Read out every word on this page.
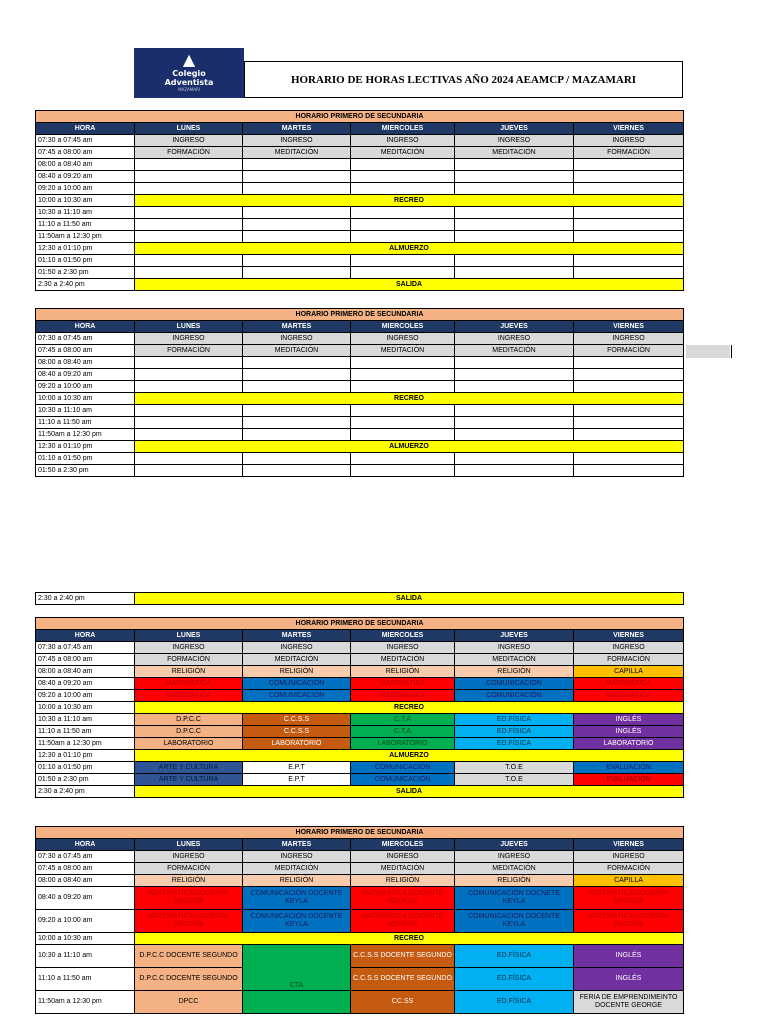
▲
Colegio
Adventista
MAZAMARI
HORARIO DE HORAS LECTIVAS AÑO 2024 AEAMCP / MAZAMARI
HORARIO PRIMERO DE SECUNDARIA					
HORA	LUNES	MARTES	MIERCOLES	JUEVES	VIERNES
07:30 a 07:45 am	INGRESO	INGRESO	INGRESO	INGRESO	INGRESO
07:45 a 08:00 am	FORMACIÓN	MEDITACIÓN	MEDITACIÓN	MEDITACIÓN	FORMACIÓN
08:00 a 08:40 am					
08:40 a 09:20 am					
09:20 a 10:00 am					
10:00 a 10:30 am	RECREO				
10:30 a 11:10 am					
11:10 a 11:50 am					
11:50am a 12:30 pm					
12:30 a 01:10 pm	ALMUERZO				
01:10 a 01:50 pm					
01:50 a 2:30 pm					
2:30 a 2:40 pm	SALIDA				
HORARIO PRIMERO DE SECUNDARIA					
HORA	LUNES	MARTES	MIERCOLES	JUEVES	VIERNES
07:30 a 07:45 am	INGRESO	INGRESO	INGRESO	INGRESO	INGRESO
07:45 a 08:00 am	FORMACIÓN	MEDITACIÓN	MEDITACIÓN	MEDITACIÓN	FORMACIÓN
08:00 a 08:40 am					
08:40 a 09:20 am					
09:20 a 10:00 am					
10:00 a 10:30 am	RECREO				
10:30 a 11:10 am					
11:10 a 11:50 am					
11:50am a 12:30 pm					
12:30 a 01:10 pm	ALMUERZO				
01:10 a 01:50 pm					
01:50 a 2:30 pm					
2:30 a 2:40 pm	SALIDA
HORARIO PRIMERO DE SECUNDARIA					
HORA	LUNES	MARTES	MIERCOLES	JUEVES	VIERNES
07:30 a 07:45 am	INGRESO	INGRESO	INGRESO	INGRESO	INGRESO
07:45 a 08:00 am	FORMACIÓN	MEDITACIÓN	MEDITACIÓN	MEDITACIÓN	FORMACIÓN
08:00 a 08:40 am	RELIGIÓN	RELIGIÓN	RELIGIÓN	RELIGIÓN	CAPILLA
08:40 a 09:20 am	MATEMÁTICA	COMUNICACIÓN	MATEMÁTICA	COMUNICACIÓN	MATEMÁTICA
09:20 a 10:00 am	MATEMÁTICA	COMUNICACIÓN	MATEMÁTICA	COMUNICACIÓN	MATEMÁTICA
10:00 a 10:30 am	RECREO				
10:30 a 11:10 am	D.P.C.C	C.C.S.S	C.T.A	ED.FÍSICA	INGLÉS
11:10 a 11:50 am	D.P.C.C	C.C.S.S	C.T.A	ED.FÍSICA	INGLÉS
11:50am a 12:30 pm	LABORATORIO	LABORATORIO	LABORATORIO	ED.FÍSICA	LABORATORIO
12:30 a 01:10 pm	ALMUERZO				
01:10 a 01:50 pm	ARTE Y CULTURA	E.P.T	COMUNICACIÓN	T.O.E	EVALUACIÓN
01:50 a 2:30 pm	ARTE Y CULTURA	E.P.T	COMUNICACIÓN	T.O.E	EVALUACIÓN
2:30 a 2:40 pm	SALIDA				
HORARIO PRIMERO DE SECUNDARIA					
HORA	LUNES	MARTES	MIERCOLES	JUEVES	VIERNES
07:30 a 07:45 am	INGRESO	INGRESO	INGRESO	INGRESO	INGRESO
07:45 a 08:00 am	FORMACIÓN	MEDITACIÓN	MEDITACIÓN	MEDITACIÓN	FORMACIÓN
08:00 a 08:40 am	RELIGIÓN	RELIGIÓN	RELIGIÓN	RELIGIÓN	CAPILLA
08:40 a 09:20 am	MATEMÁTICA DOCENTE GEORGE	COMUNICACIÓN DOCENTE KEYLA	MATEMÁTICA DOCENTE GEORGE	COMUNICACIÓN DOCNETE KEYLA	MATEMÁTICA DOCENTE GEORGE
09:20 a 10:00 am	MATEMÁTICA DOCENTE GEORGE	COMUNICACIÓN DOCENTE KEYLA	MATEMÁTICA DOCENTE GEORGE	COMUNICACIÓN DOCENTE KEYLA	MATEMÁTICA DOCENTE GEORGE
10:00 a 10:30 am	RECREO				
10:30 a 11:10 am	D.P.C.C DOCENTE SEGUNDO	CTA	C.C.S.S DOCENTE SEGUNDO	ED.FÍSICA	INGLÉS
11:10 a 11:50 am	D.P.C.C DOCENTE SEGUNDO		C.C.S.S DOCENTE SEGUNDO	ED.FÍSICA	INGLÉS
11:50am a 12:30 pm	DPCC		CC.SS	ED.FÍSICA	FERIA DE EMPRENDIMEINTO DOCENTE GEORGE
